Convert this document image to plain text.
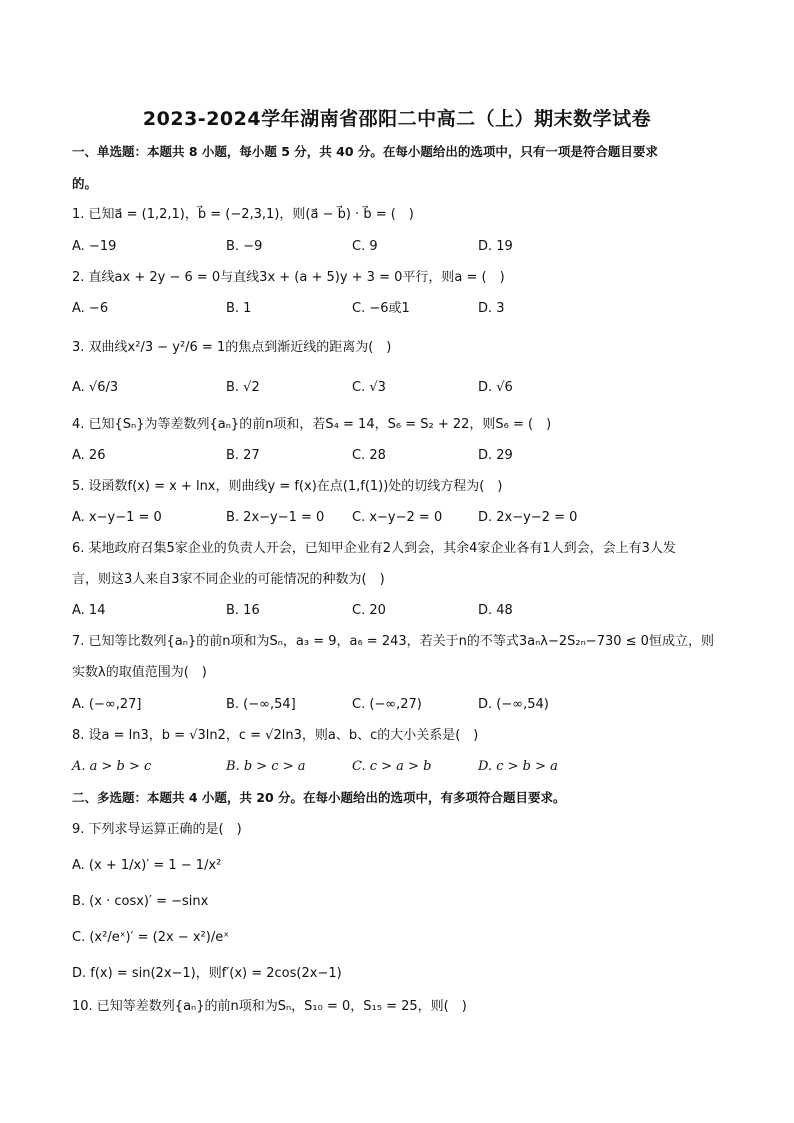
2023-2024学年湖南省邵阳二中高二（上）期末数学试卷
一、单选题：本题共 8 小题，每小题 5 分，共 40 分。在每小题给出的选项中，只有一项是符合题目要求
的。
1. 已知a⃗ = (1,2,1)，b⃗ = (−2,3,1)，则(a⃗ − b⃗) · b⃗ = (　)
A. −19	B. −9	C. 9	D. 19
2. 直线ax + 2y − 6 = 0与直线3x + (a + 5)y + 3 = 0平行，则a = (　)
A. −6	B. 1	C. −6或1	D. 3
3. 双曲线x²/3 − y²/6 = 1的焦点到渐近线的距离为(　)
A. √6/3	B. √2	C. √3	D. √6
4. 已知{Sₙ}为等差数列{aₙ}的前n项和，若S₄ = 14，S₆ = S₂ + 22，则S₆ = (　)
A. 26	B. 27	C. 28	D. 29
5. 设函数f(x) = x + lnx，则曲线y = f(x)在点(1,f(1))处的切线方程为(　)
A. x−y−1 = 0	B. 2x−y−1 = 0 C. x−y−2 = 0	D. 2x−y−2 = 0
6. 某地政府召集5家企业的负责人开会，已知甲企业有2人到会，其余4家企业各有1人到会，会上有3人发
言，则这3人来自3家不同企业的可能情况的种数为(　)
A. 14	B. 16	C. 20	D. 48
7. 已知等比数列{aₙ}的前n项和为Sₙ，a₃ = 9，a₆ = 243，若关于n的不等式3aₙλ−2S₂ₙ−730 ≤ 0恒成立，则
实数λ的取值范围为(　)
A. (−∞,27]	B. (−∞,54]	C. (−∞,27)	D. (−∞,54)
8. 设a = ln3，b = √3ln2，c = √2ln3，则a、b、c的大小关系是(　)
A. a > b > c	B. b > c > a	C. c > a > b	D. c > b > a
二、多选题：本题共 4 小题，共 20 分。在每小题给出的选项中，有多项符合题目要求。
9. 下列求导运算正确的是(　)
A. (x + 1/x)′ = 1 − 1/x²
B. (x · cosx)′ = −sinx
C. (x²/eˣ)′ = (2x − x²)/eˣ
D. f(x) = sin(2x−1)，则f′(x) = 2cos(2x−1)
10. 已知等差数列{aₙ}的前n项和为Sₙ，S₁₀ = 0，S₁₅ = 25，则(　)
